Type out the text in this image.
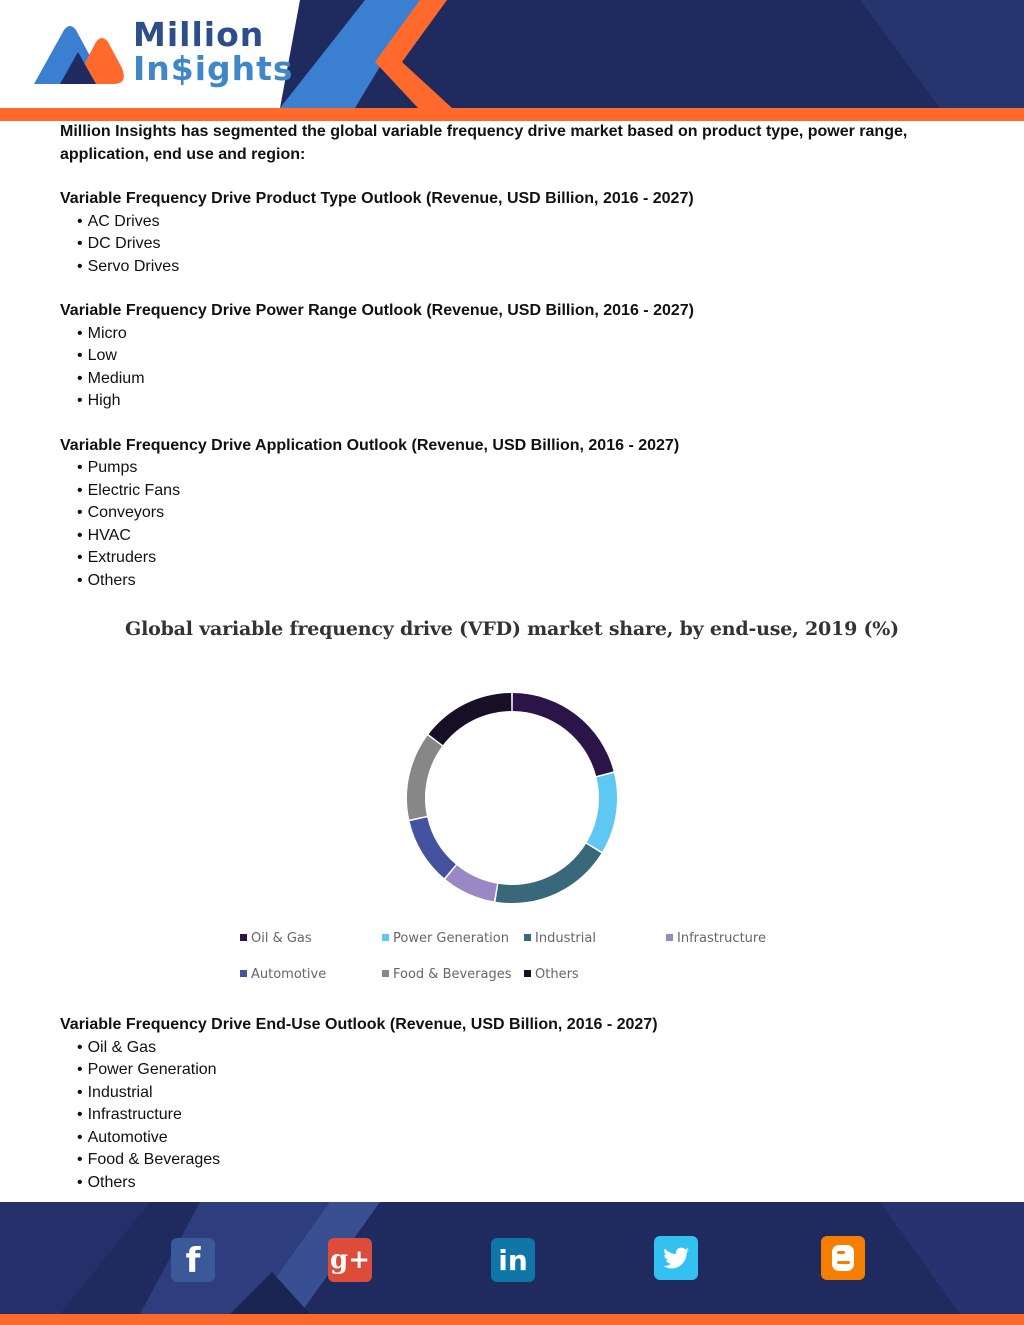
Million
In$ights

Million Insights has segmented the global variable frequency drive market based on product type, power range, application, end use and region:

Variable Frequency Drive Product Type Outlook (Revenue, USD Billion, 2016 - 2027)
• AC Drives
• DC Drives
• Servo Drives
Variable Frequency Drive Power Range Outlook (Revenue, USD Billion, 2016 - 2027)
• Micro
• Low
• Medium
• High
Variable Frequency Drive Application Outlook (Revenue, USD Billion, 2016 - 2027)
• Pumps
• Electric Fans
• Conveyors
• HVAC
• Extruders
• Others
Global variable frequency drive (VFD) market share, by end-use, 2019 (%)
Oil & Gas	Power Generation	Industrial	Infrastructure
Automotive	Food & Beverages	Others
Variable Frequency Drive End-Use Outlook (Revenue, USD Billion, 2016 - 2027)
• Oil & Gas
• Power Generation
• Industrial
• Infrastructure
• Automotive
• Food & Beverages
• Others
f	g+	in
